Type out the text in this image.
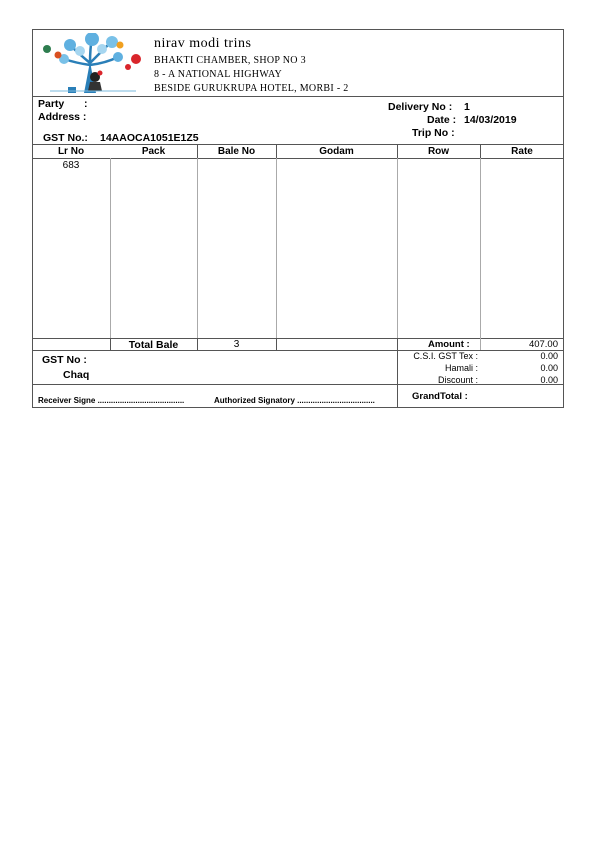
nirav modi trins
BHAKTI CHAMBER, SHOP NO 3
8 - A NATIONAL HIGHWAY
BESIDE GURUKRUPA HOTEL, MORBI - 2
Party :
Address :
GST No.: 14AAOCA1051E1Z5
Delivery No : 1
Date : 14/03/2019
Trip No :
Lr No	Pack	Bale No	Godam	Row	Rate
683
Total Bale	3	Amount :	407.00
GST No :
Chaq
C.S.I. GST Tex :	0.00
Hamali :	0.00
Discount :	0.00
Receiver Signe .......................................	Authorized Signatory ...................................	GrandTotal :
